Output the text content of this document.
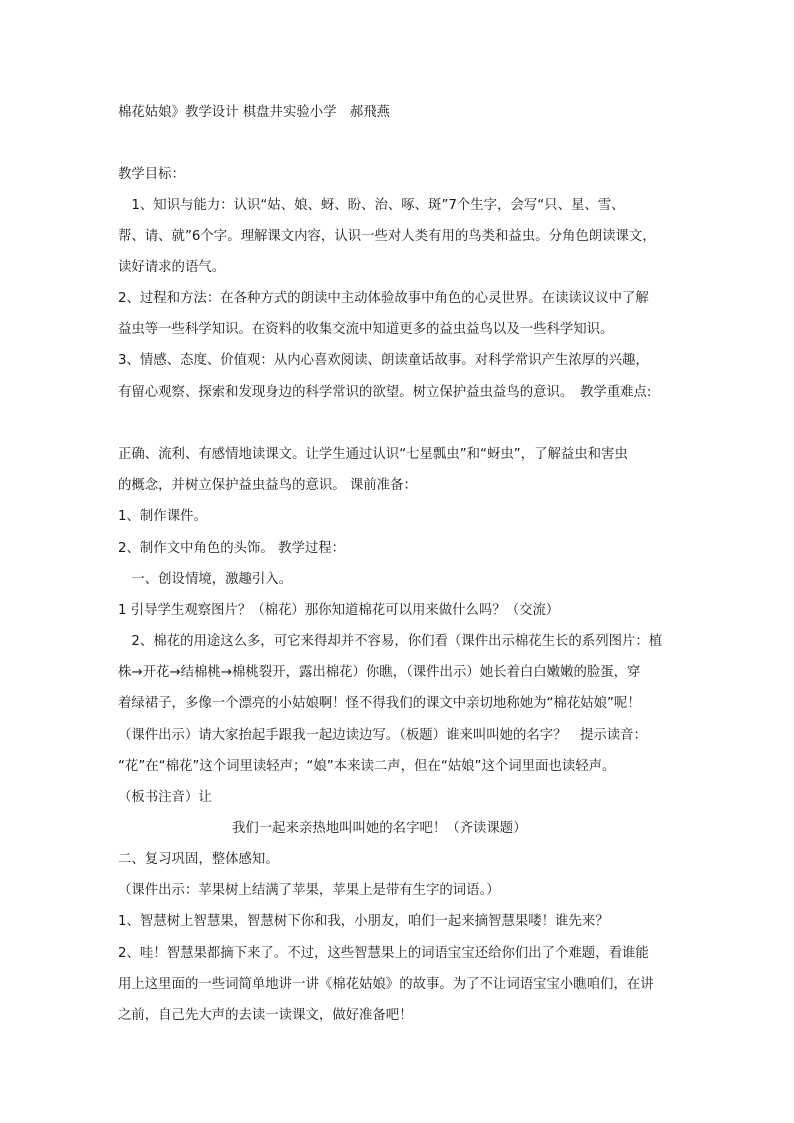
棉花姑娘》教学设计 棋盘井实验小学　郝飛燕
教学目标：
　1、知识与能力：认识“姑、娘、蚜、盼、治、啄、斑”7个生字，会写“只、星、雪、
帮、请、就”6个字。理解课文内容，认识一些对人类有用的鸟类和益虫。分角色朗读课文，
读好请求的语气。
2、过程和方法：在各种方式的朗读中主动体验故事中角色的心灵世界。在读读议议中了解
益虫等一些科学知识。在资料的收集交流中知道更多的益虫益鸟以及一些科学知识。
3、情感、态度、价值观：从内心喜欢阅读、朗读童话故事。对科学常识产生浓厚的兴趣，
有留心观察、探索和发现身边的科学常识的欲望。树立保护益虫益鸟的意识。　教学重难点:
正确、流利、有感情地读课文。让学生通过认识“七星瓢虫”和“蚜虫”，了解益虫和害虫
的概念，并树立保护益虫益鸟的意识。 课前准备：
1、制作课件。
2、制作文中角色的头饰。 教学过程：
　一、创设情境，激趣引入。
1 引导学生观察图片？（棉花）那你知道棉花可以用来做什么吗？（交流）
　2、棉花的用途这么多，可它来得却并不容易，你们看（课件出示棉花生长的系列图片：植
株→开花→结棉桃→棉桃裂开，露出棉花）你瞧，（课件出示）她长着白白嫩嫩的脸蛋，穿
着绿裙子，多像一个漂亮的小姑娘啊！怪不得我们的课文中亲切地称她为“棉花姑娘”呢！
（课件出示）请大家抬起手跟我一起边读边写。（板题）谁来叫叫她的名字？　提示读音：
“花”在“棉花”这个词里读轻声；“娘”本来读二声，但在“姑娘”这个词里面也读轻声。
（板书注音）让
我们一起来亲热地叫叫她的名字吧！（齐读课题）
二、复习巩固，整体感知。
（课件出示：苹果树上结满了苹果，苹果上是带有生字的词语。）
1、智慧树上智慧果，智慧树下你和我，小朋友，咱们一起来摘智慧果喽！谁先来？
2、哇！智慧果都摘下来了。不过，这些智慧果上的词语宝宝还给你们出了个难题，看谁能
用上这里面的一些词简单地讲一讲《棉花姑娘》的故事。为了不让词语宝宝小瞧咱们，在讲
之前，自己先大声的去读一读课文，做好准备吧！
